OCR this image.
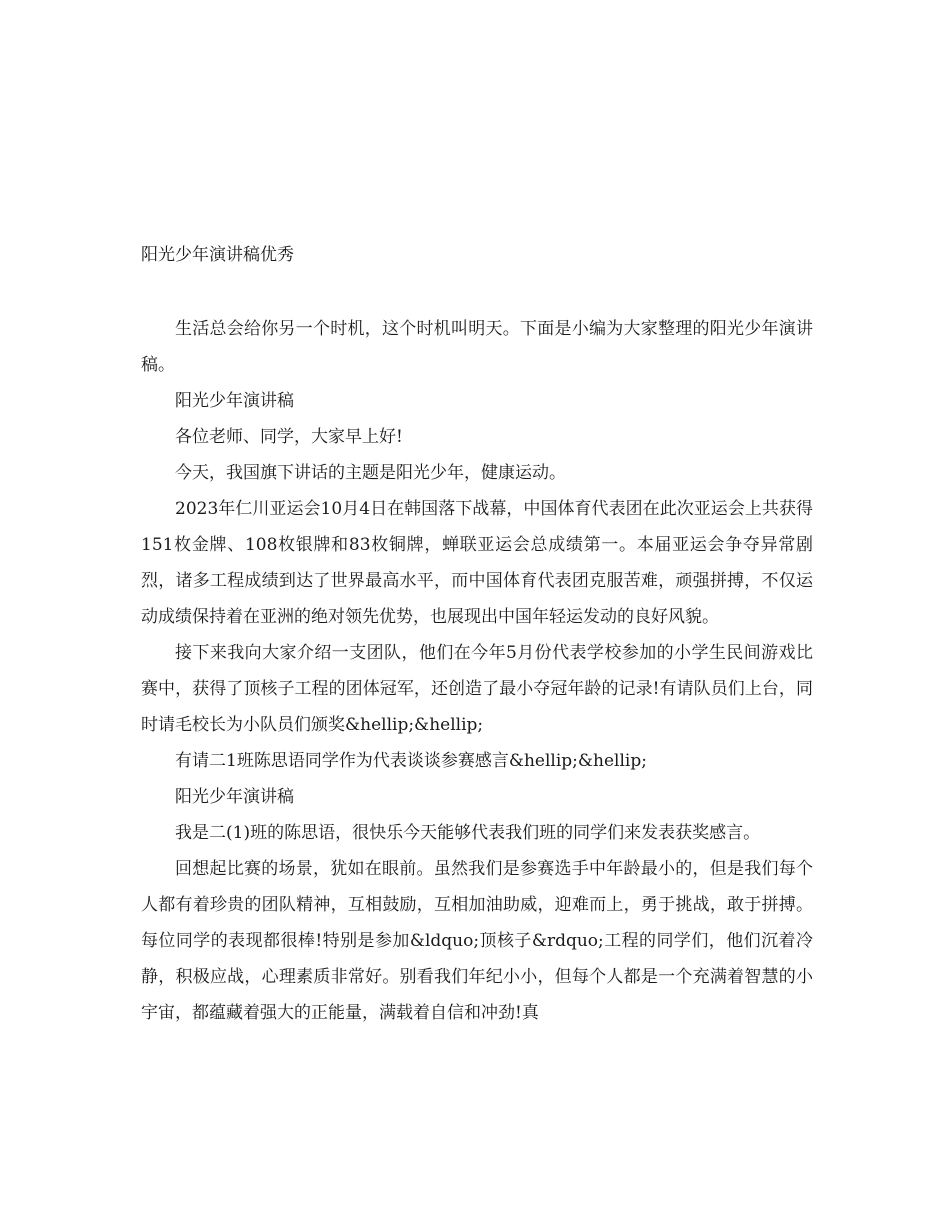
阳光少年演讲稿优秀

生活总会给你另一个时机，这个时机叫明天。下面是小编为大家整理的阳光少年演讲稿。

阳光少年演讲稿

各位老师、同学，大家早上好!

今天，我国旗下讲话的主题是阳光少年，健康运动。

2023年仁川亚运会10月4日在韩国落下战幕，中国体育代表团在此次亚运会上共获得151枚金牌、108枚银牌和83枚铜牌，蝉联亚运会总成绩第一。本届亚运会争夺异常剧烈，诸多工程成绩到达了世界最高水平，而中国体育代表团克服苦难，顽强拼搏，不仅运动成绩保持着在亚洲的绝对领先优势，也展现出中国年轻运发动的良好风貌。

接下来我向大家介绍一支团队，他们在今年5月份代表学校参加的小学生民间游戏比赛中，获得了顶核子工程的团体冠军，还创造了最小夺冠年龄的记录!有请队员们上台，同时请毛校长为小队员们颁奖&hellip;&hellip;

有请二1班陈思语同学作为代表谈谈参赛感言&hellip;&hellip;

阳光少年演讲稿

我是二(1)班的陈思语，很快乐今天能够代表我们班的同学们来发表获奖感言。

回想起比赛的场景，犹如在眼前。虽然我们是参赛选手中年龄最小的，但是我们每个人都有着珍贵的团队精神，互相鼓励，互相加油助威，迎难而上，勇于挑战，敢于拼搏。每位同学的表现都很棒!特别是参加&ldquo;顶核子&rdquo;工程的同学们，他们沉着冷静，积极应战，心理素质非常好。别看我们年纪小小，但每个人都是一个充满着智慧的小宇宙，都蕴藏着强大的正能量，满载着自信和冲劲!真
